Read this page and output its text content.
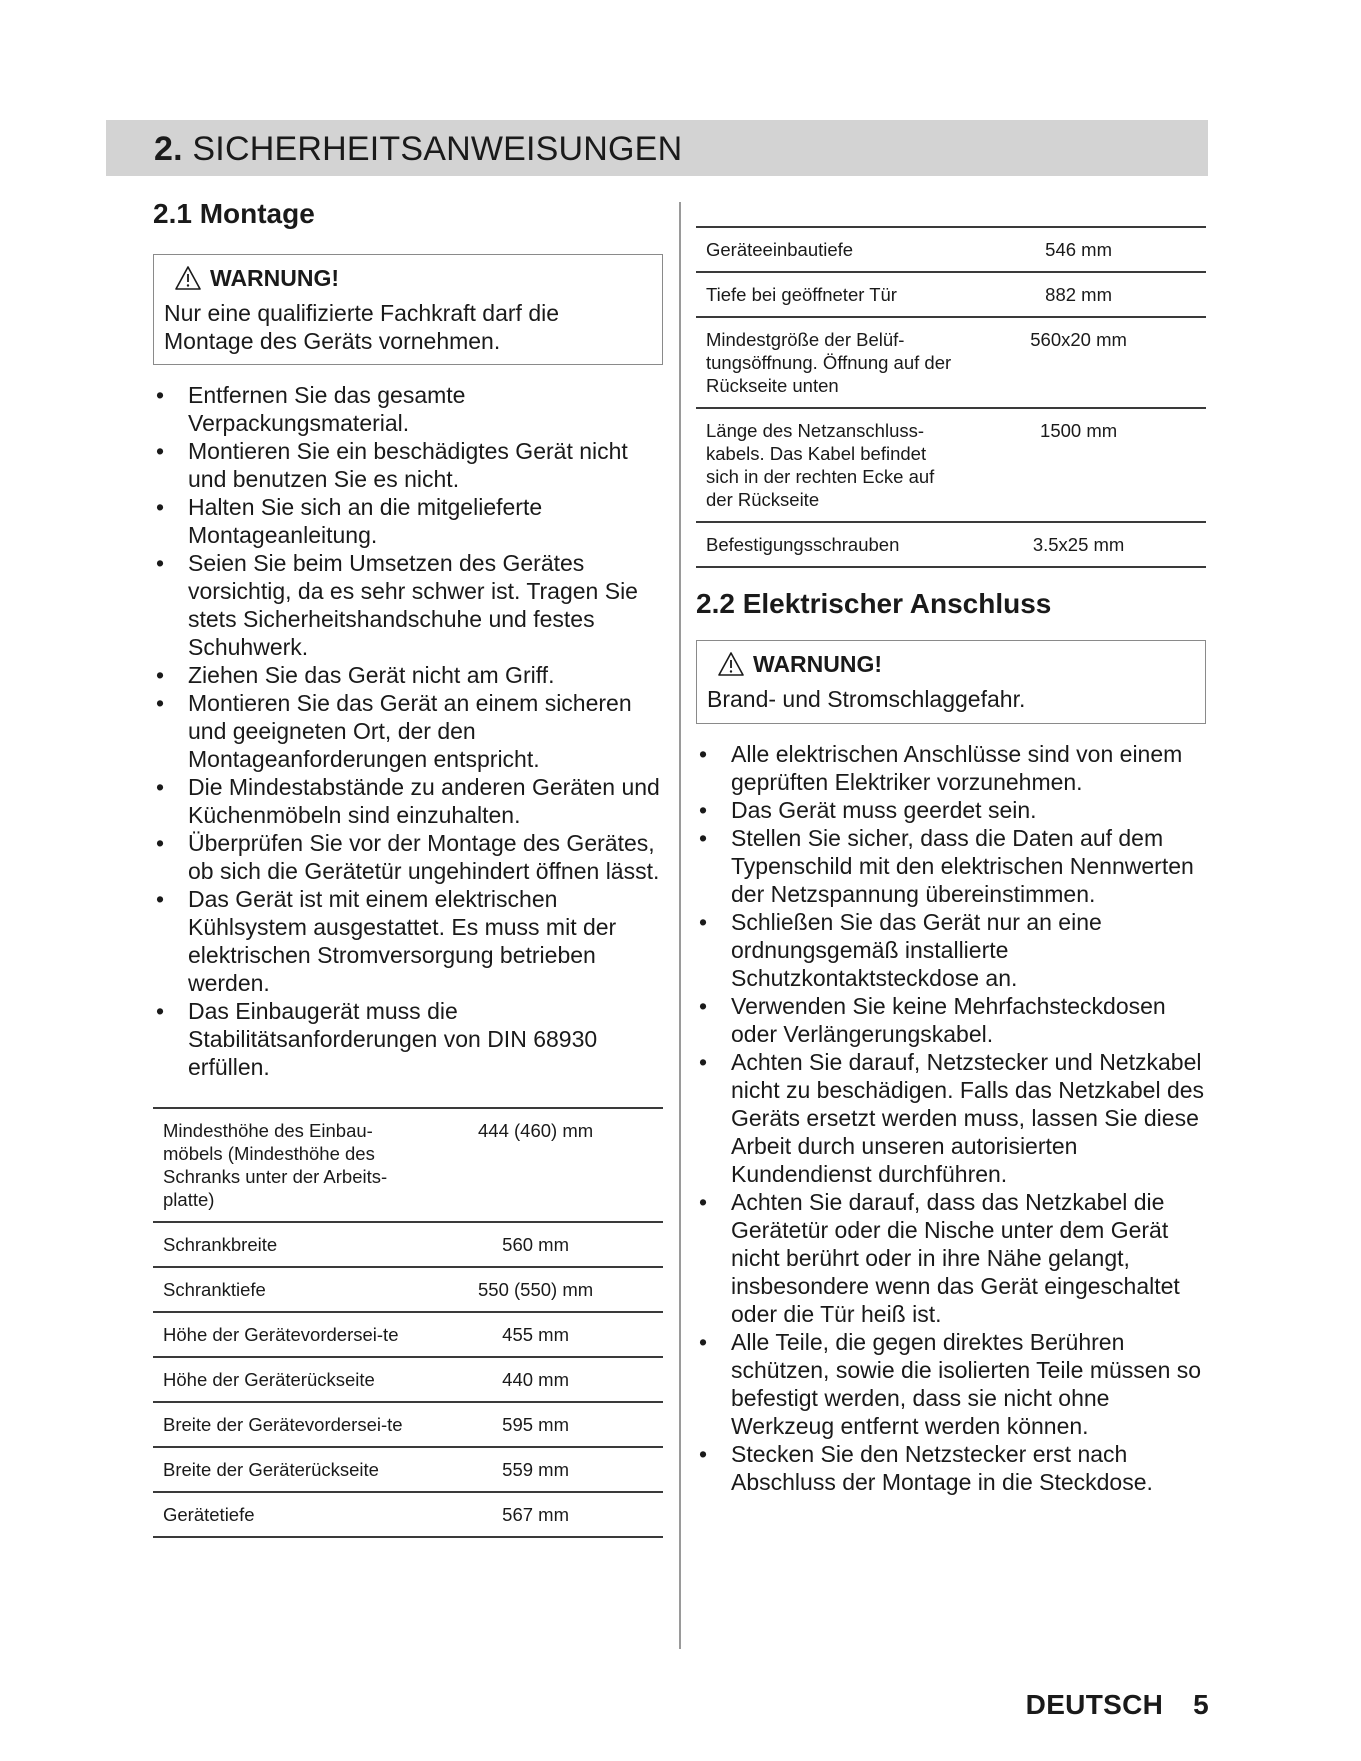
2. SICHERHEITSANWEISUNGEN
2.1 Montage
WARNUNG!

Nur eine qualifizierte Fachkraft darf die Montage des Geräts vornehmen.

•	Entfernen Sie das gesamte Verpackungsmaterial.
•	Montieren Sie ein beschädigtes Gerät nicht und benutzen Sie es nicht.
•	Halten Sie sich an die mitgelieferte Montageanleitung.
•	Seien Sie beim Umsetzen des Gerätes vorsichtig, da es sehr schwer ist. Tragen Sie stets Sicherheitshandschuhe und festes Schuhwerk.
•	Ziehen Sie das Gerät nicht am Griff.
•	Montieren Sie das Gerät an einem sicheren und geeigneten Ort, der den Montageanforderungen entspricht.
•	Die Mindestabstände zu anderen Geräten und Küchenmöbeln sind einzuhalten.
•	Überprüfen Sie vor der Montage des Gerätes, ob sich die Gerätetür ungehindert öffnen lässt.
•	Das Gerät ist mit einem elektrischen Kühlsystem ausgestattet. Es muss mit der elektrischen Stromversorgung betrieben werden.
•	Das Einbaugerät muss die Stabilitätsanforderungen von DIN 68930 erfüllen.
Mindesthöhe des Einbau-möbels (Mindesthöhe des Schranks unter der Arbeits-platte)	444 (460) mm
Schrankbreite	560 mm
Schranktiefe	550 (550) mm
Höhe der Gerätevordersei-te	455 mm
Höhe der Geräterückseite	440 mm
Breite der Gerätevordersei-te	595 mm
Breite der Geräterückseite	559 mm
Gerätetiefe	567 mm
Geräteeinbautiefe	546 mm
Tiefe bei geöffneter Tür	882 mm
Mindestgröße der Belüf-tungsöffnung. Öffnung auf der Rückseite unten	560x20 mm
Länge des Netzanschluss-kabels. Das Kabel befindet sich in der rechten Ecke auf der Rückseite	1500 mm
Befestigungsschrauben	3.5x25 mm
2.2 Elektrischer Anschluss
WARNUNG!

Brand- und Stromschlaggefahr.

•	Alle elektrischen Anschlüsse sind von einem geprüften Elektriker vorzunehmen.
•	Das Gerät muss geerdet sein.
•	Stellen Sie sicher, dass die Daten auf dem Typenschild mit den elektrischen Nennwerten der Netzspannung übereinstimmen.
•	Schließen Sie das Gerät nur an eine ordnungsgemäß installierte Schutzkontaktsteckdose an.
•	Verwenden Sie keine Mehrfachsteckdosen oder Verlängerungskabel.
•	Achten Sie darauf, Netzstecker und Netzkabel nicht zu beschädigen. Falls das Netzkabel des Geräts ersetzt werden muss, lassen Sie diese Arbeit durch unseren autorisierten Kundendienst durchführen.
•	Achten Sie darauf, dass das Netzkabel die Gerätetür oder die Nische unter dem Gerät nicht berührt oder in ihre Nähe gelangt, insbesondere wenn das Gerät eingeschaltet oder die Tür heiß ist.
•	Alle Teile, die gegen direktes Berühren schützen, sowie die isolierten Teile müssen so befestigt werden, dass sie nicht ohne Werkzeug entfernt werden können.
•	Stecken Sie den Netzstecker erst nach Abschluss der Montage in die Steckdose.
DEUTSCH 5
